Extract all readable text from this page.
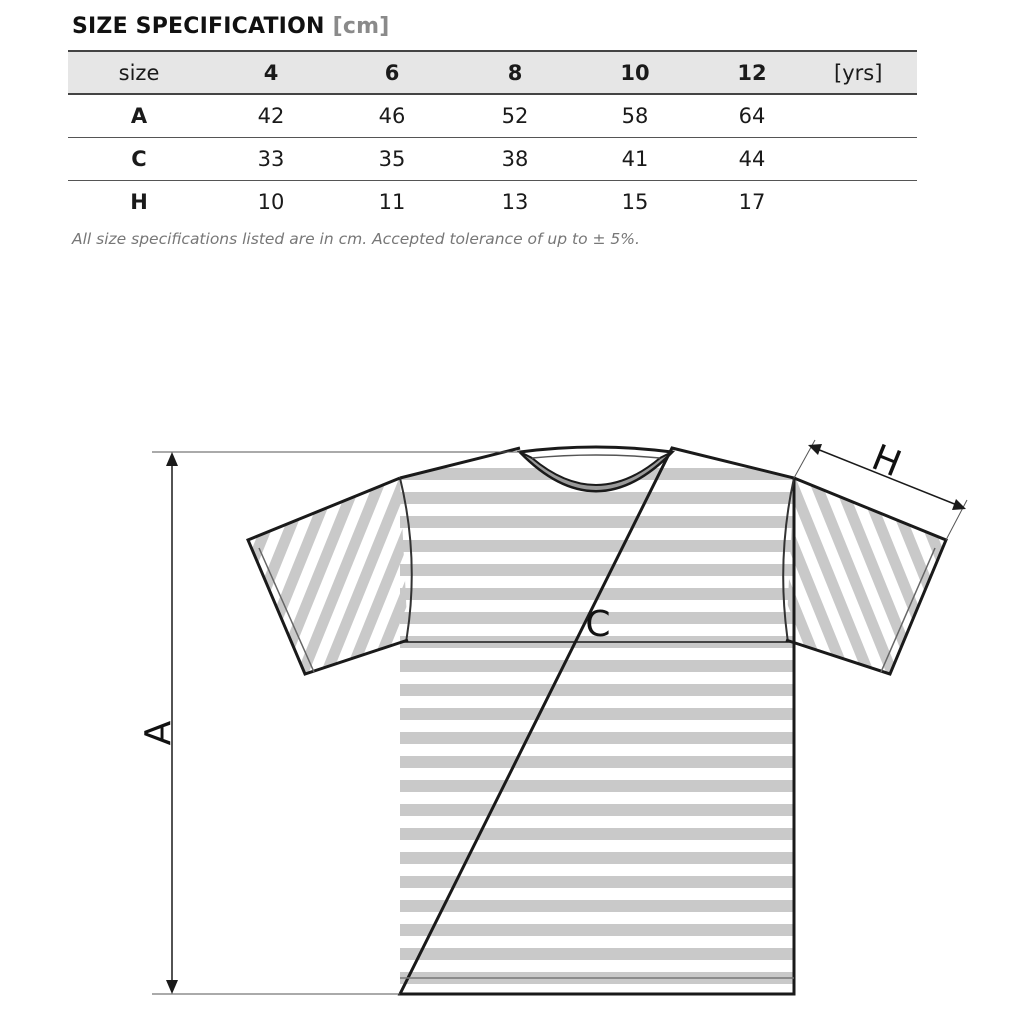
SIZE SPECIFICATION [cm]
size	4	6	8	10	12	[yrs]
A	42	46	52	58	64	
C	33	35	38	41	44	
H	10	11	13	15	17	
All size specifications listed are in cm. Accepted tolerance of up to ± 5%.
C
A
H
